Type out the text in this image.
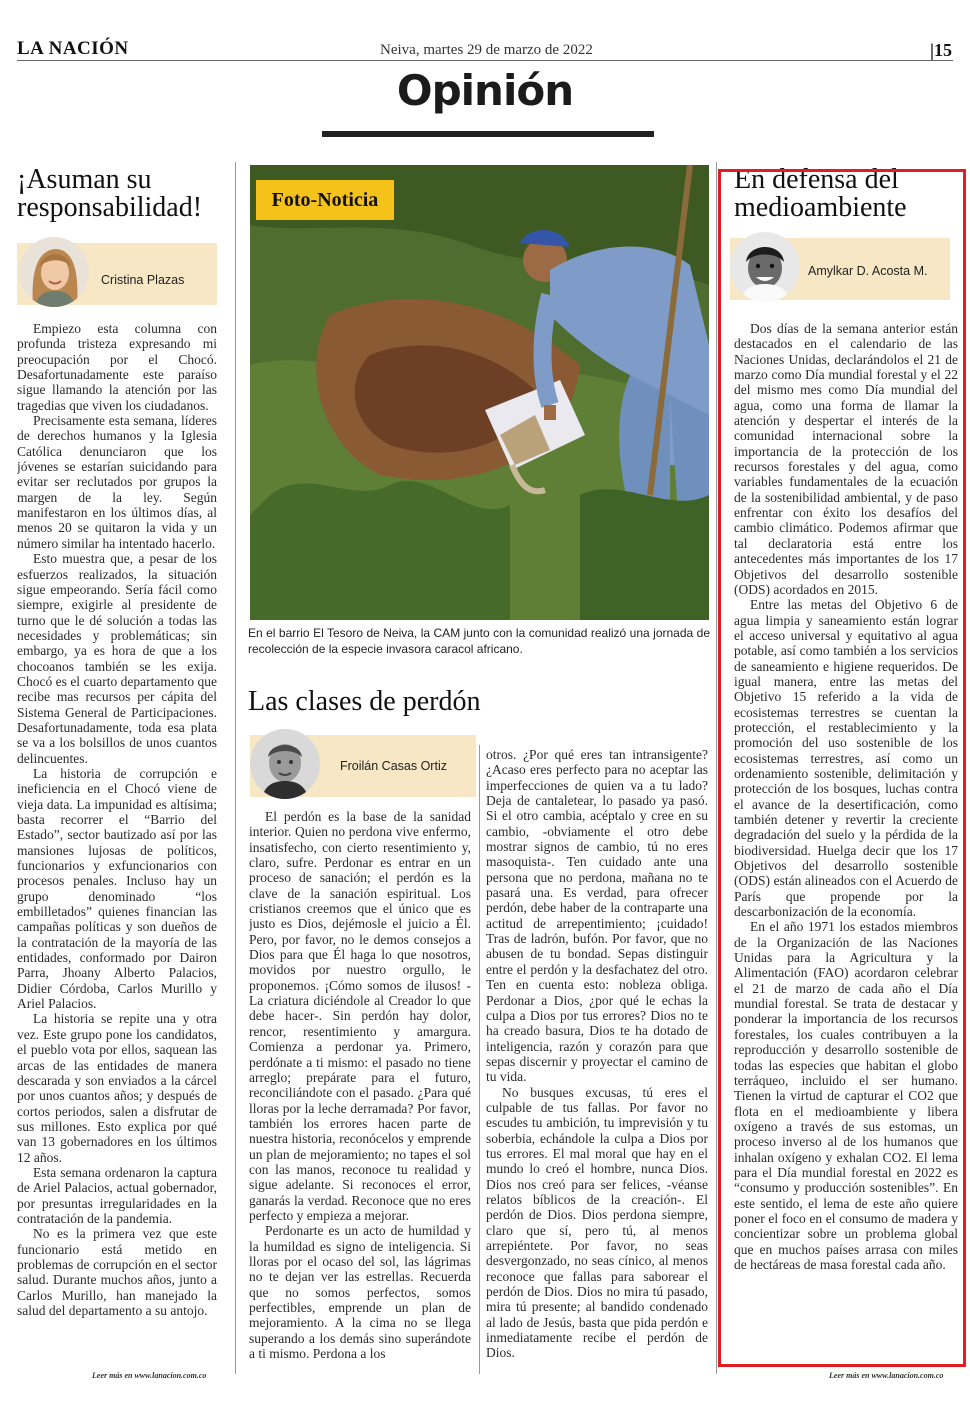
LA NACIÓN	Neiva, martes 29 de marzo de 2022	|15
Opinión
¡Asuman su responsabilidad!
Cristina Plazas

Empiezo esta columna con profunda tristeza expresando mi preocupación por el Chocó. Desafortunadamente este paraíso sigue llamando la atención por las tragedias que viven los ciudadanos.

Precisamente esta semana, líderes de derechos humanos y la Iglesia Católica denunciaron que los jóvenes se estarían suicidando para evitar ser reclutados por grupos la margen de la ley. Según manifestaron en los últimos días, al menos 20 se quitaron la vida y un número similar ha intentado hacerlo.

Esto muestra que, a pesar de los esfuerzos realizados, la situación sigue empeorando. Sería fácil como siempre, exigirle al presidente de turno que le dé solución a todas las necesidades y problemáticas; sin embargo, ya es hora de que a los chocoanos también se les exija. Chocó es el cuarto departamento que recibe mas recursos per cápita del Sistema General de Participaciones. Desafortunadamente, toda esa plata se va a los bolsillos de unos cuantos delincuentes.

La historia de corrupción e ineficiencia en el Chocó viene de vieja data. La impunidad es altísima; basta recorrer el “Barrio del Estado”, sector bautizado así por las mansiones lujosas de políticos, funcionarios y exfuncionarios con procesos penales. Incluso hay un grupo denominado “los embilletados” quienes financian las campañas políticas y son dueños de la contratación de la mayoría de las entidades, conformado por Dairon Parra, Jhoany Alberto Palacios, Didier Córdoba, Carlos Murillo y Ariel Palacios.

La historia se repite una y otra vez. Este grupo pone los candidatos, el pueblo vota por ellos, saquean las arcas de las entidades de manera descarada y son enviados a la cárcel por unos cuantos años; y después de cortos periodos, salen a disfrutar de sus millones. Esto explica por qué van 13 gobernadores en los últimos 12 años.

Esta semana ordenaron la captura de Ariel Palacios, actual gobernador, por presuntas irregularidades en la contratación de la pandemia.

No es la primera vez que este funcionario está metido en problemas de corrupción en el sector salud. Durante muchos años, junto a Carlos Murillo, han manejado la salud del departamento a su antojo.

Leer más en www.lanacion.com.co
Foto-Noticia
En el barrio El Tesoro de Neiva, la CAM junto con la comunidad realizó una jornada de recolección de la especie invasora caracol africano.
Las clases de perdón
Froilán Casas Ortiz

El perdón es la base de la sanidad interior. Quien no perdona vive enfermo, insatisfecho, con cierto resentimiento y, claro, sufre. Perdonar es entrar en un proceso de sanación; el perdón es la clave de la sanación espiritual. Los cristianos creemos que el único que es justo es Dios, dejémosle el juicio a Él. Pero, por favor, no le demos consejos a Dios para que Él haga lo que nosotros, movidos por nuestro orgullo, le proponemos. ¡Cómo somos de ilusos! -La criatura diciéndole al Creador lo que debe hacer-. Sin perdón hay dolor, rencor, resentimiento y amargura. Comienza a perdonar ya. Primero, perdónate a ti mismo: el pasado no tiene arreglo; prepárate para el futuro, reconciliándote con el pasado. ¿Para qué lloras por la leche derramada? Por favor, también los errores hacen parte de nuestra historia, reconócelos y emprende un plan de mejoramiento; no tapes el sol con las manos, reconoce tu realidad y sigue adelante. Si reconoces el error, ganarás la verdad. Reconoce que no eres perfecto y empieza a mejorar.

Perdonarte es un acto de humildad y la humildad es signo de inteligencia. Si lloras por el ocaso del sol, las lágrimas no te dejan ver las estrellas. Recuerda que no somos perfectos, somos perfectibles, emprende un plan de mejoramiento. A la cima no se llega superando a los demás sino superándote a ti mismo. Perdona a los

otros. ¿Por qué eres tan intransigente? ¿Acaso eres perfecto para no aceptar las imperfecciones de quien va a tu lado? Deja de cantaletear, lo pasado ya pasó. Si el otro cambia, acéptalo y cree en su cambio, -obviamente el otro debe mostrar signos de cambio, tú no eres masoquista-. Ten cuidado ante una persona que no perdona, mañana no te pasará una. Es verdad, para ofrecer perdón, debe haber de la contraparte una actitud de arrepentimiento; ¡cuidado! Tras de ladrón, bufón. Por favor, que no abusen de tu bondad. Sepas distinguir entre el perdón y la desfachatez del otro. Ten en cuenta esto: nobleza obliga. Perdonar a Dios, ¿por qué le echas la culpa a Dios por tus errores? Dios no te ha creado basura, Dios te ha dotado de inteligencia, razón y corazón para que sepas discernir y proyectar el camino de tu vida.

No busques excusas, tú eres el culpable de tus fallas. Por favor no escudes tu ambición, tu imprevisión y tu soberbia, echándole la culpa a Dios por tus errores. El mal moral que hay en el mundo lo creó el hombre, nunca Dios. Dios nos creó para ser felices, -véanse relatos bíblicos de la creación-. El perdón de Dios. Dios perdona siempre, claro que sí, pero tú, al menos arrepiéntete. Por favor, no seas desvergonzado, no seas cínico, al menos reconoce que fallas para saborear el perdón de Dios. Dios no mira tú pasado, mira tú presente; al bandido condenado al lado de Jesús, basta que pida perdón e inmediatamente recibe el perdón de Dios.

En defensa del medioambiente
Amylkar D. Acosta M.

Dos días de la semana anterior están destacados en el calendario de las Naciones Unidas, declarándolos el 21 de marzo como Día mundial forestal y el 22 del mismo mes como Día mundial del agua, como una forma de llamar la atención y despertar el interés de la comunidad internacional sobre la importancia de la protección de los recursos forestales y del agua, como variables fundamentales de la ecuación de la sostenibilidad ambiental, y de paso enfrentar con éxito los desafíos del cambio climático. Podemos afirmar que tal declaratoria está entre los antecedentes más importantes de los 17 Objetivos del desarrollo sostenible (ODS) acordados en 2015.

Entre las metas del Objetivo 6 de agua limpia y saneamiento están lograr el acceso universal y equitativo al agua potable, así como también a los servicios de saneamiento e higiene requeridos. De igual manera, entre las metas del Objetivo 15 referido a la vida de ecosistemas terrestres se cuentan la protección, el restablecimiento y la promoción del uso sostenible de los ecosistemas terrestres, así como un ordenamiento sostenible, delimitación y protección de los bosques, luchas contra el avance de la desertificación, como también detener y revertir la creciente degradación del suelo y la pérdida de la biodiversidad. Huelga decir que los 17 Objetivos del desarrollo sostenible (ODS) están alineados con el Acuerdo de París que propende por la descarbonización de la economía.

En el año 1971 los estados miembros de la Organización de las Naciones Unidas para la Agricultura y la Alimentación (FAO) acordaron celebrar el 21 de marzo de cada año el Día mundial forestal. Se trata de destacar y ponderar la importancia de los recursos forestales, los cuales contribuyen a la reproducción y desarrollo sostenible de todas las especies que habitan el globo terráqueo, incluido el ser humano. Tienen la virtud de capturar el CO2 que flota en el medioambiente y libera oxígeno a través de sus estomas, un proceso inverso al de los humanos que inhalan oxígeno y exhalan CO2. El lema para el Día mundial forestal en 2022 es “consumo y producción sostenibles”. En este sentido, el lema de este año quiere poner el foco en el consumo de madera y concientizar sobre un problema global que en muchos países arrasa con miles de hectáreas de masa forestal cada año.

Leer más en www.lanacion.com.co
